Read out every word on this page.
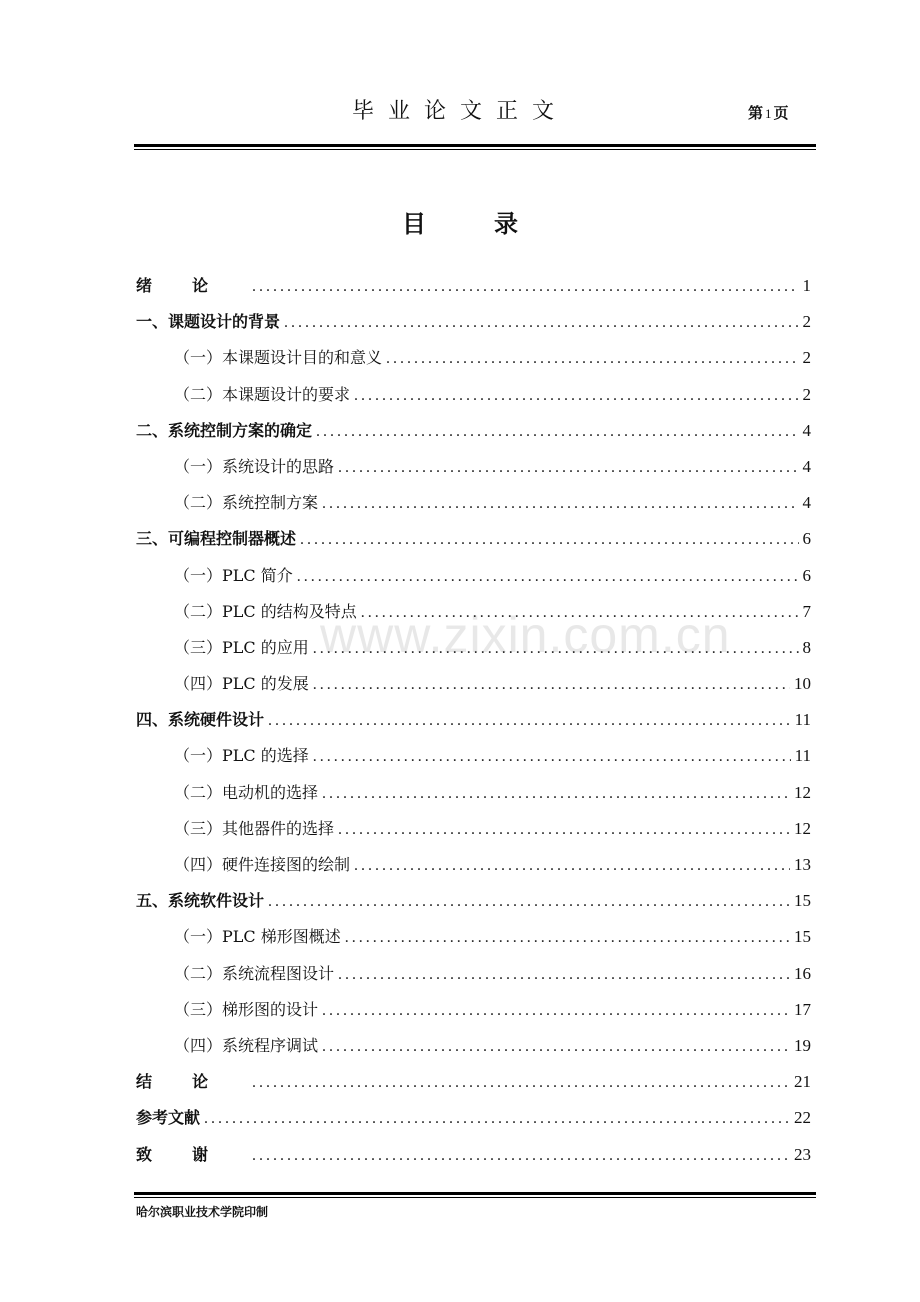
毕业论文正文	第 1 页
目	录
www.zixin.com.cn
绪论 .....	1
一、课题设计的背景 .....	2
（一）本课题设计目的和意义 .....	2
（二）本课题设计的要求 .....	2
二、系统控制方案的确定 .....	4
（一）系统设计的思路 .....	4
（二）系统控制方案 .....	4
三、可编程控制器概述 .....	6
（一）PLC 简介 .....	6
（二）PLC 的结构及特点 .....	7
（三）PLC 的应用 .....	8
（四）PLC 的发展 .....	10
四、系统硬件设计 .....	11
（一）PLC 的选择 .....	11
（二）电动机的选择 .....	12
（三）其他器件的选择 .....	12
（四）硬件连接图的绘制 .....	13
五、系统软件设计 .....	15
（一）PLC 梯形图概述 .....	15
（二）系统流程图设计 .....	16
（三）梯形图的设计 .....	17
（四）系统程序调试 .....	19
结论 .....	21
参考文献 .....	22
致谢 .....	23
哈尔滨职业技术学院印制
